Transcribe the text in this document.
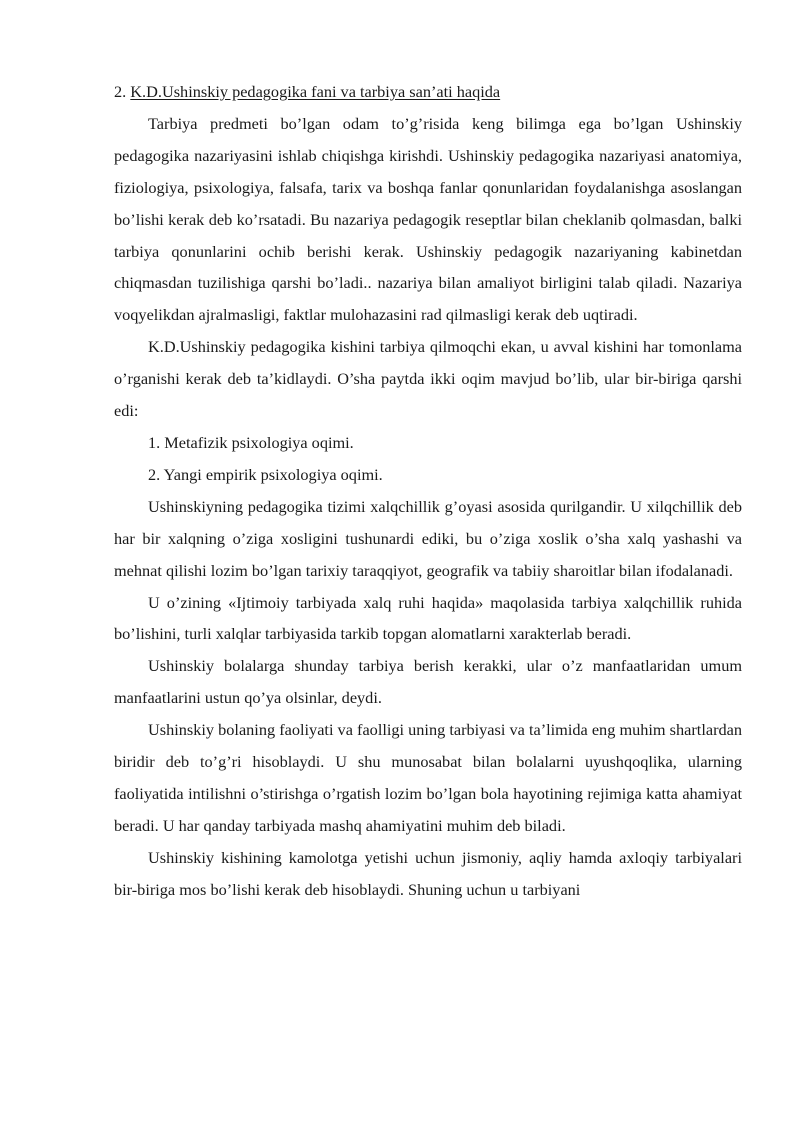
2. K.D.Ushinskiy pedagogika fani va tarbiya san’ati haqida

Tarbiya predmeti bo’lgan odam to’g’risida keng bilimga ega bo’lgan Ushinskiy pedagogika nazariyasini ishlab chiqishga kirishdi. Ushinskiy pedagogika nazariyasi anatomiya, fiziologiya, psixologiya, falsafa, tarix va boshqa fanlar qonunlaridan foydalanishga asoslangan bo’lishi kerak deb ko’rsatadi. Bu nazariya pedagogik reseptlar bilan cheklanib qolmasdan, balki tarbiya qonunlarini ochib berishi kerak. Ushinskiy pedagogik nazariyaning kabinetdan chiqmasdan tuzilishiga qarshi bo’ladi.. nazariya bilan amaliyot birligini talab qiladi. Nazariya voqyelikdan ajralmasligi, faktlar mulohazasini rad qilmasligi kerak deb uqtiradi.

K.D.Ushinskiy pedagogika kishini tarbiya qilmoqchi ekan, u avval kishini har tomonlama o’rganishi kerak deb ta’kidlaydi. O’sha paytda ikki oqim mavjud bo’lib, ular bir-biriga qarshi edi:

1. Metafizik psixologiya oqimi.

2. Yangi empirik psixologiya oqimi.

Ushinskiyning pedagogika tizimi xalqchillik g’oyasi asosida qurilgandir. U xilqchillik deb har bir xalqning o’ziga xosligini tushunardi ediki, bu o’ziga xoslik o’sha xalq yashashi va mehnat qilishi lozim bo’lgan tarixiy taraqqiyot, geografik va tabiiy sharoitlar bilan ifodalanadi.

U o’zining «Ijtimoiy tarbiyada xalq ruhi haqida» maqolasida tarbiya xalqchillik ruhida bo’lishini, turli xalqlar tarbiyasida tarkib topgan alomatlarni xarakterlab beradi.

Ushinskiy bolalarga shunday tarbiya berish kerakki, ular o’z manfaatlaridan umum manfaatlarini ustun qo’ya olsinlar, deydi.

Ushinskiy bolaning faoliyati va faolligi uning tarbiyasi va ta’limida eng muhim shartlardan biridir deb to’g’ri hisoblaydi. U shu munosabat bilan bolalarni uyushqoqlika, ularning faoliyatida intilishni o’stirishga o’rgatish lozim bo’lgan bola hayotining rejimiga katta ahamiyat beradi. U har qanday tarbiyada mashq ahamiyatini muhim deb biladi.

Ushinskiy kishining kamolotga yetishi uchun jismoniy, aqliy hamda axloqiy tarbiyalari bir-biriga mos bo’lishi kerak deb hisoblaydi. Shuning uchun u tarbiyani
